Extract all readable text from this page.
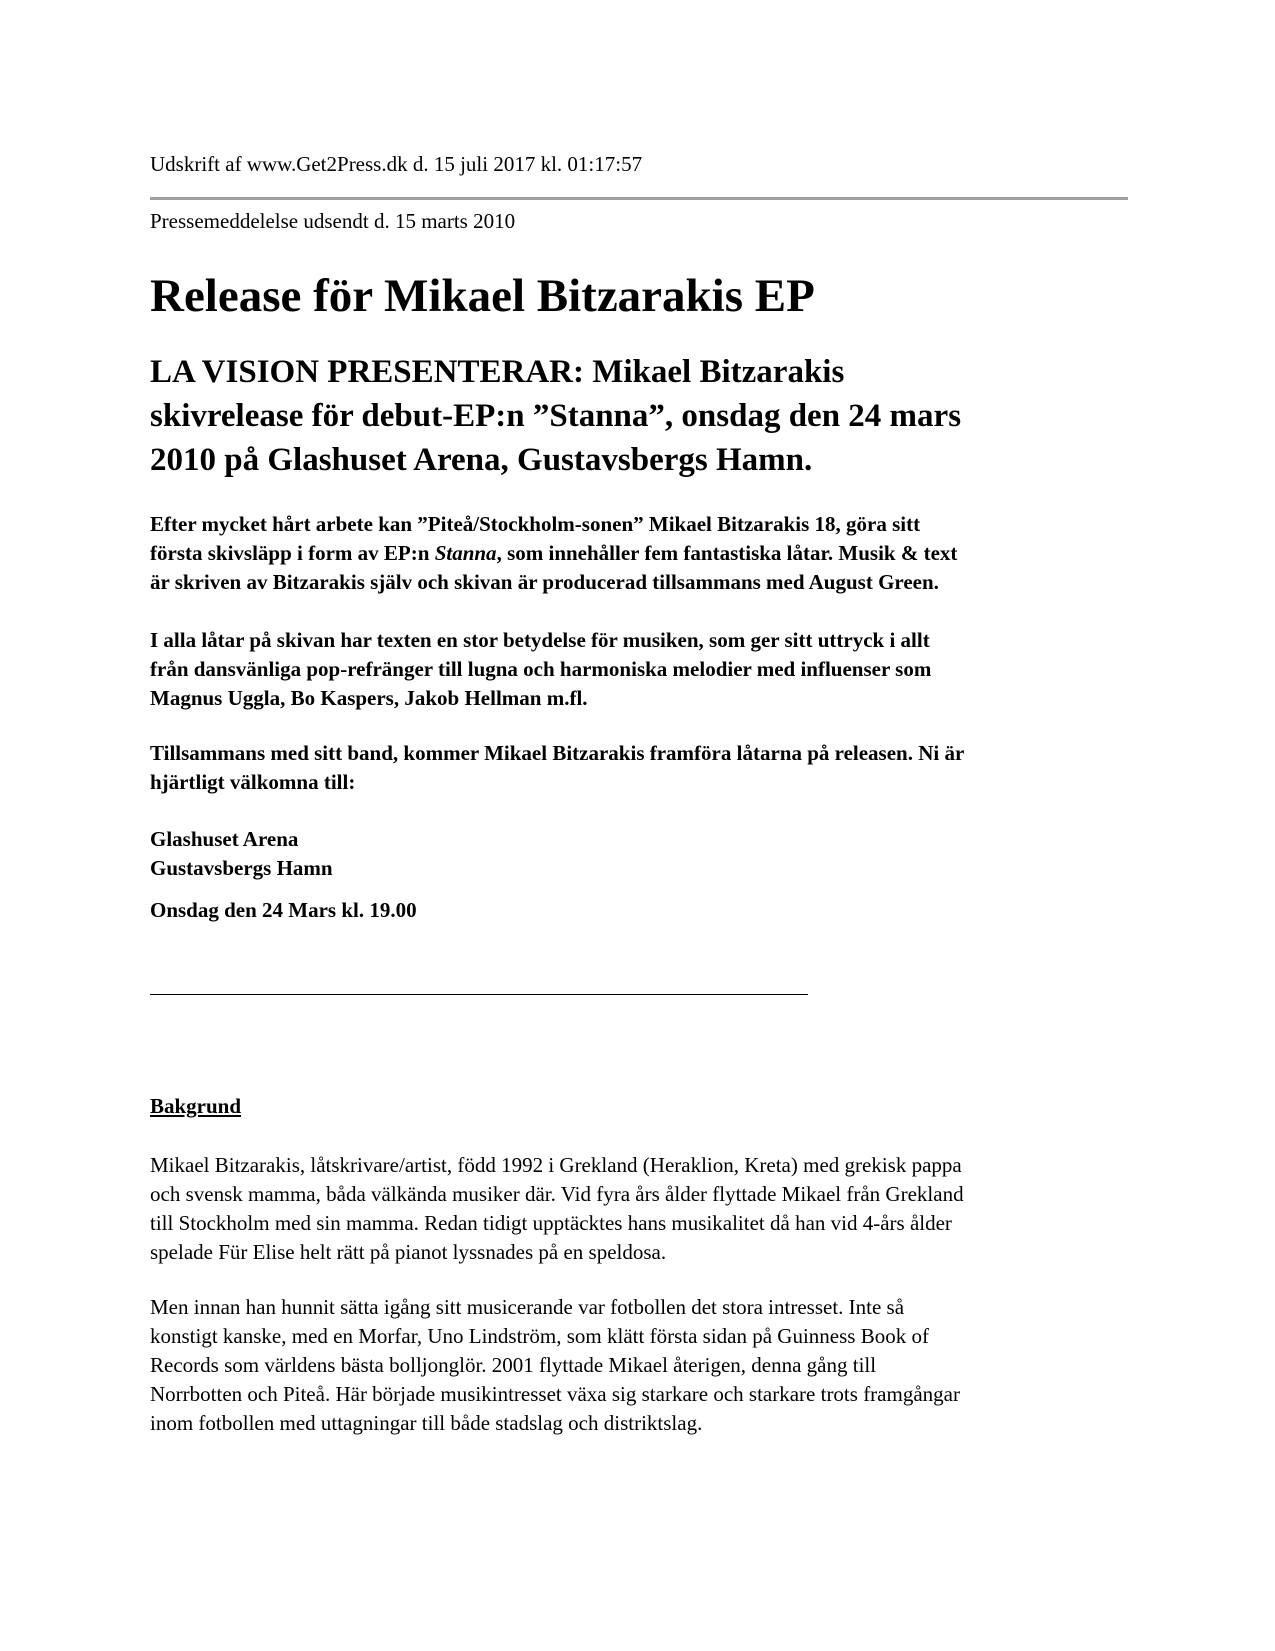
Udskrift af www.Get2Press.dk d. 15 juli 2017 kl. 01:17:57
Pressemeddelelse udsendt d. 15 marts 2010
Release för Mikael Bitzarakis EP
LA VISION PRESENTERAR: Mikael Bitzarakis
skivrelease för debut-EP:n ”Stanna”, onsdag den 24 mars
2010 på Glashuset Arena, Gustavsbergs Hamn.

Efter mycket hårt arbete kan ”Piteå/Stockholm-sonen” Mikael Bitzarakis 18, göra sitt
första skivsläpp i form av EP:n Stanna, som innehåller fem fantastiska låtar. Musik & text
är skriven av Bitzarakis själv och skivan är producerad tillsammans med August Green.

I alla låtar på skivan har texten en stor betydelse för musiken, som ger sitt uttryck i allt
från dansvänliga pop-refränger till lugna och harmoniska melodier med influenser som
Magnus Uggla, Bo Kaspers, Jakob Hellman m.fl.

Tillsammans med sitt band, kommer Mikael Bitzarakis framföra låtarna på releasen. Ni är
hjärtligt välkomna till:

Glashuset Arena
Gustavsbergs Hamn

Onsdag den 24 Mars kl. 19.00

Bakgrund

Mikael Bitzarakis, låtskrivare/artist, född 1992 i Grekland (Heraklion, Kreta) med grekisk pappa
och svensk mamma, båda välkända musiker där. Vid fyra års ålder flyttade Mikael från Grekland
till Stockholm med sin mamma. Redan tidigt upptäcktes hans musikalitet då han vid 4-års ålder
spelade Für Elise helt rätt på pianot lyssnades på en speldosa.

Men innan han hunnit sätta igång sitt musicerande var fotbollen det stora intresset. Inte så
konstigt kanske, med en Morfar, Uno Lindström, som klätt första sidan på Guinness Book of
Records som världens bästa bolljonglör. 2001 flyttade Mikael återigen, denna gång till
Norrbotten och Piteå. Här började musikintresset växa sig starkare och starkare trots framgångar
inom fotbollen med uttagningar till både stadslag och distriktslag.
